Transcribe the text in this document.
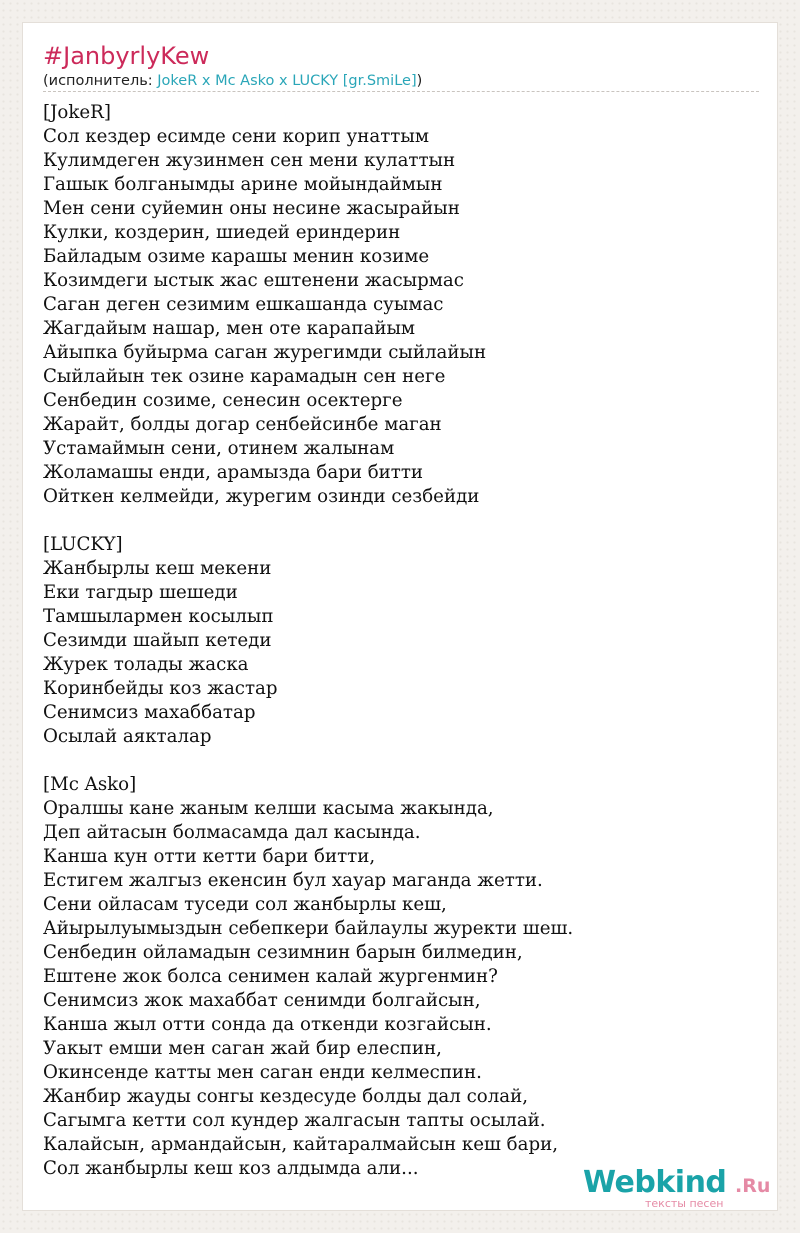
#JanbyrlyKew
(исполнитель: JokeR x Mc Asko x LUCKY [gr.SmiLe])
[JokeR]
Сол кездер есимде сени корип унаттым
Кулимдеген жузинмен сен мени кулаттын
Гашык болганымды арине мойындаймын
Мен сени суйемин оны несине жасырайын
Кулки, коздерин, шиедей ериндерин
Байладым озиме карашы менин козиме
Козимдеги ыстык жас ештенени жасырмас
Саган деген сезимим ешкашанда суымас
Жагдайым нашар, мен оте карапайым
Айыпка буйырма саган журегимди сыйлайын
Сыйлайын тек озине карамадын сен неге
Сенбедин созиме, сенесин осектерге
Жарайт, болды догар сенбейсинбе маган
Устамаймын сени, отинем жалынам
Жоламашы енди, арамызда бари битти
Ойткен келмейди, журегим озинди сезбейди

[LUCKY]
Жанбырлы кеш мекени
Еки тагдыр шешеди
Тамшылармен косылып
Сезимди шайып кетеди
Журек толады жаска
Коринбейды коз жастар
Сенимсиз махаббатар
Осылай аякталар

[Mc Asko]
Оралшы кане жаным келши касыма жакында,
Деп айтасын болмасамда дал касында.
Канша кун отти кетти бари битти,
Естигем жалгыз екенсин бул хауар маганда жетти.
Сени ойласам туседи сол жанбырлы кеш,
Айырылуымыздын себепкери байлаулы журекти шеш.
Сенбедин ойламадын сезимнин барын билмедин,
Ештене жок болса сенимен калай жургенмин?
Сенимсиз жок махаббат сенимди болгайсын,
Канша жыл отти сонда да откенди козгайсын.
Уакыт емши мен саган жай бир елеспин,
Окинсенде катты мен саган енди келмеспин.
Жанбир жауды сонгы кездесуде болды дал солай,
Сагымга кетти сол кундер жалгасын тапты осылай.
Калайсын, армандайсын, кайтаралмайсын кеш бари,
Сол жанбырлы кеш коз алдымда али...	Webkind .Ru
тексты песен
